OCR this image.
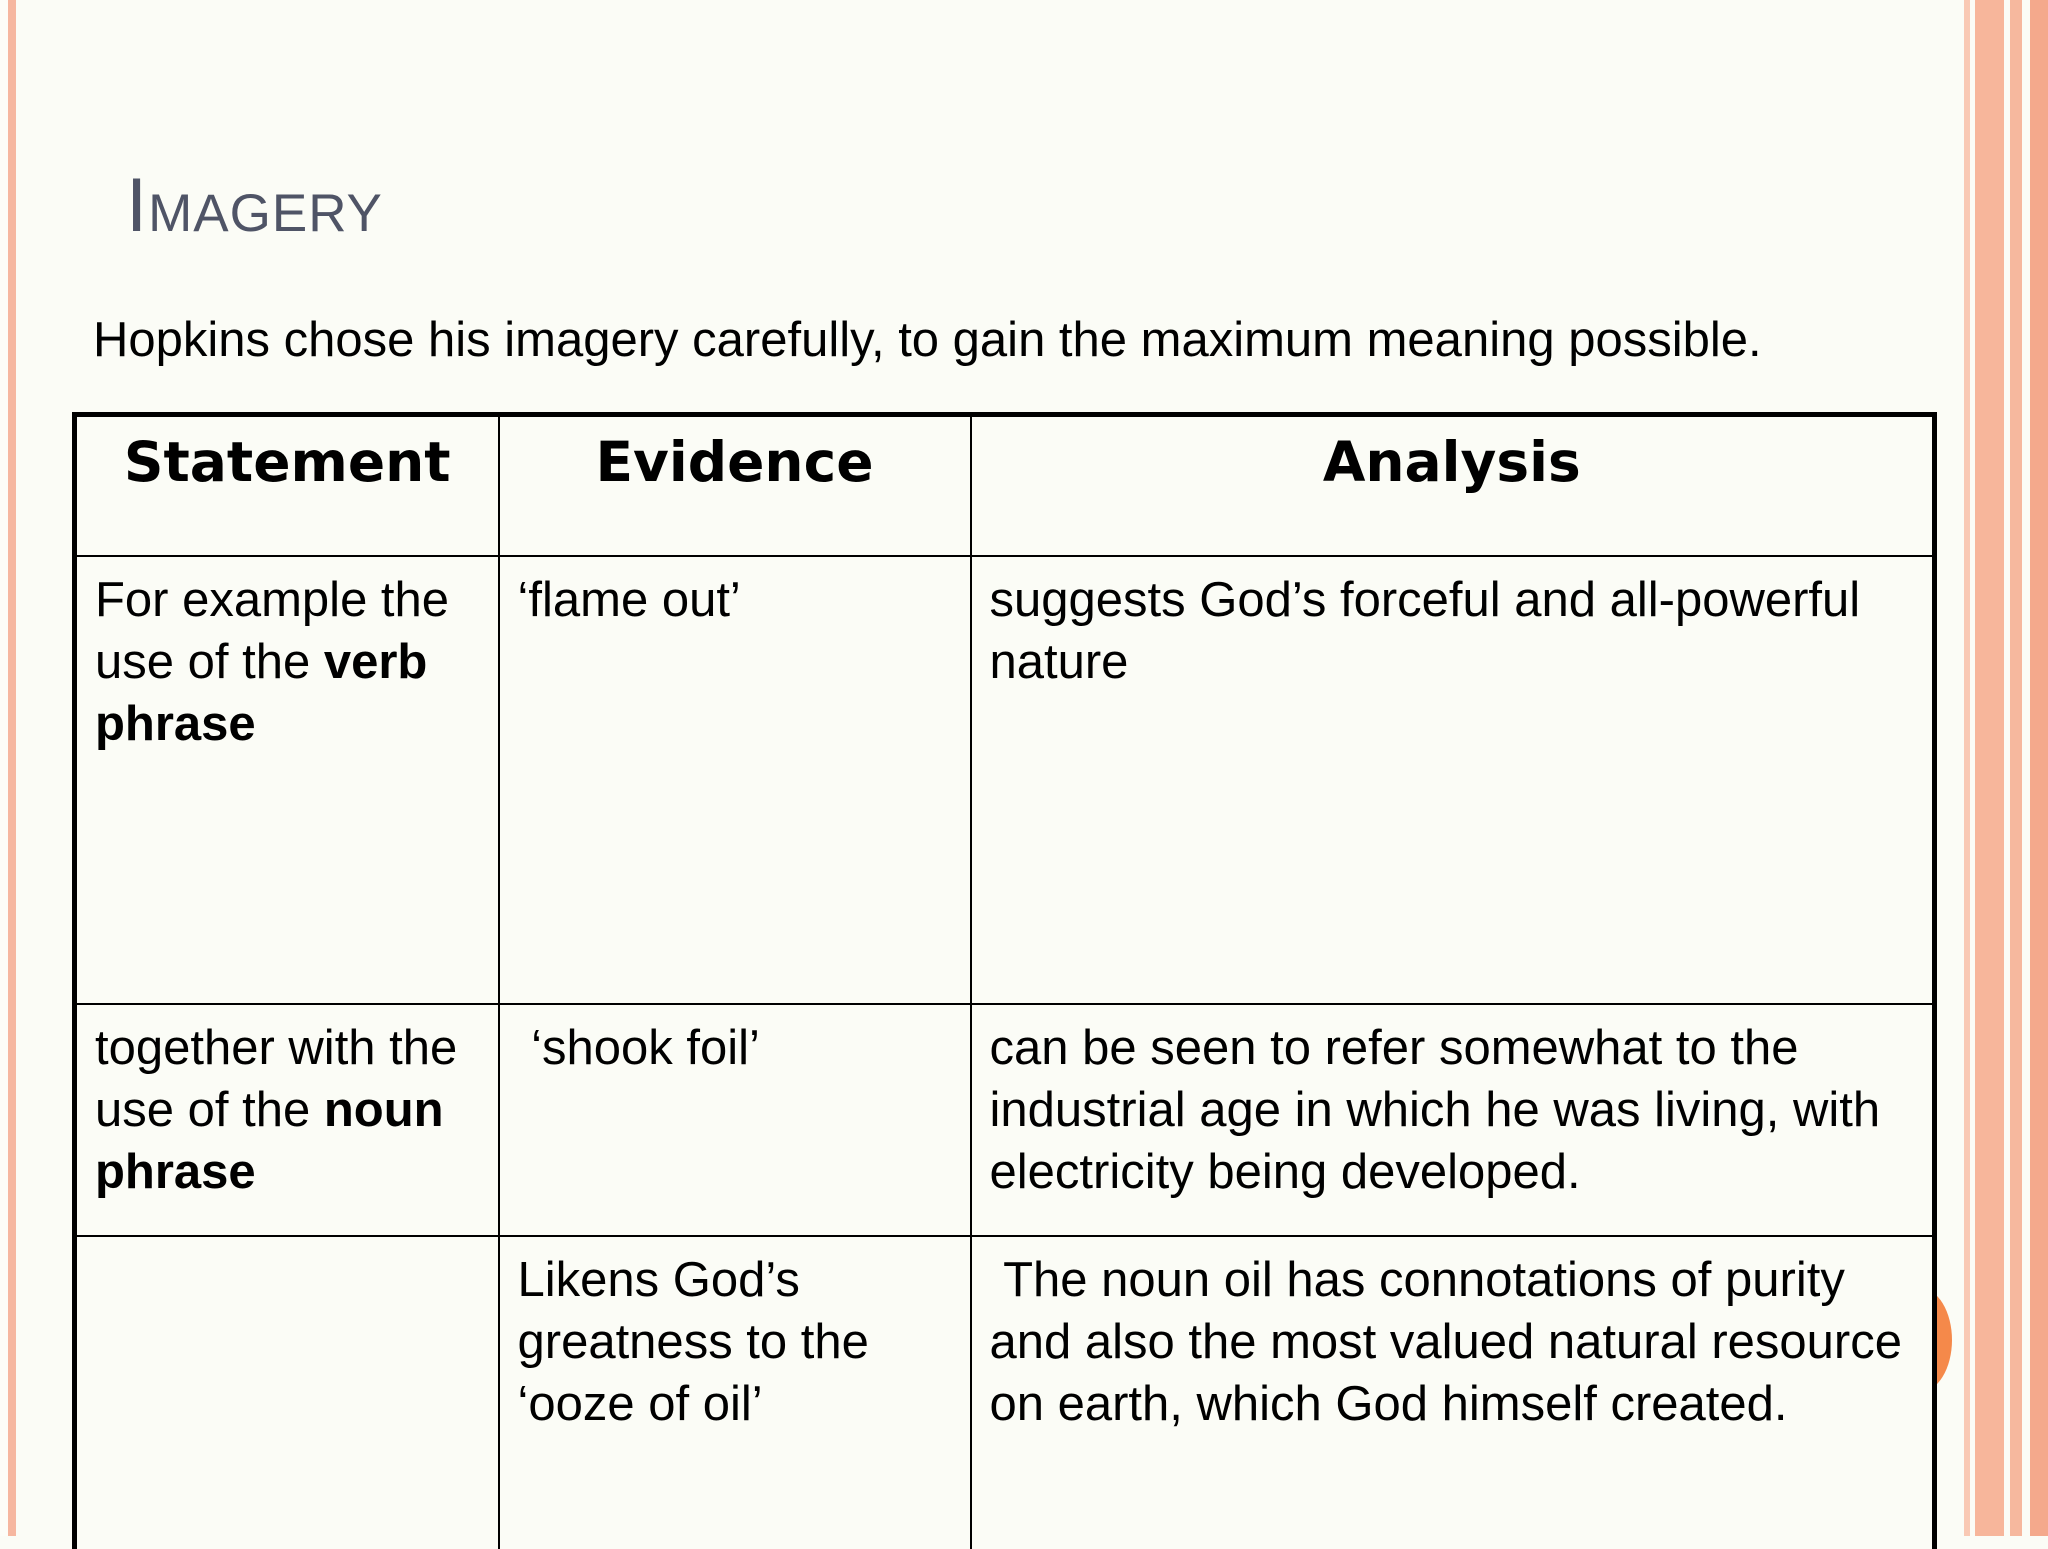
Imagery

Hopkins chose his imagery carefully, to gain the maximum meaning possible.

Statement	Evidence	Analysis
For example the use of the verb phrase	‘flame out’	suggests God’s forceful and all-powerful nature
together with the use of the noun phrase	‘shook foil’	can be seen to refer somewhat to the industrial age in which he was living, with electricity being developed.
	Likens God’s greatness to the ‘ooze of oil’	The noun oil has connotations of purity and also the most valued natural resource on earth, which God himself created.
